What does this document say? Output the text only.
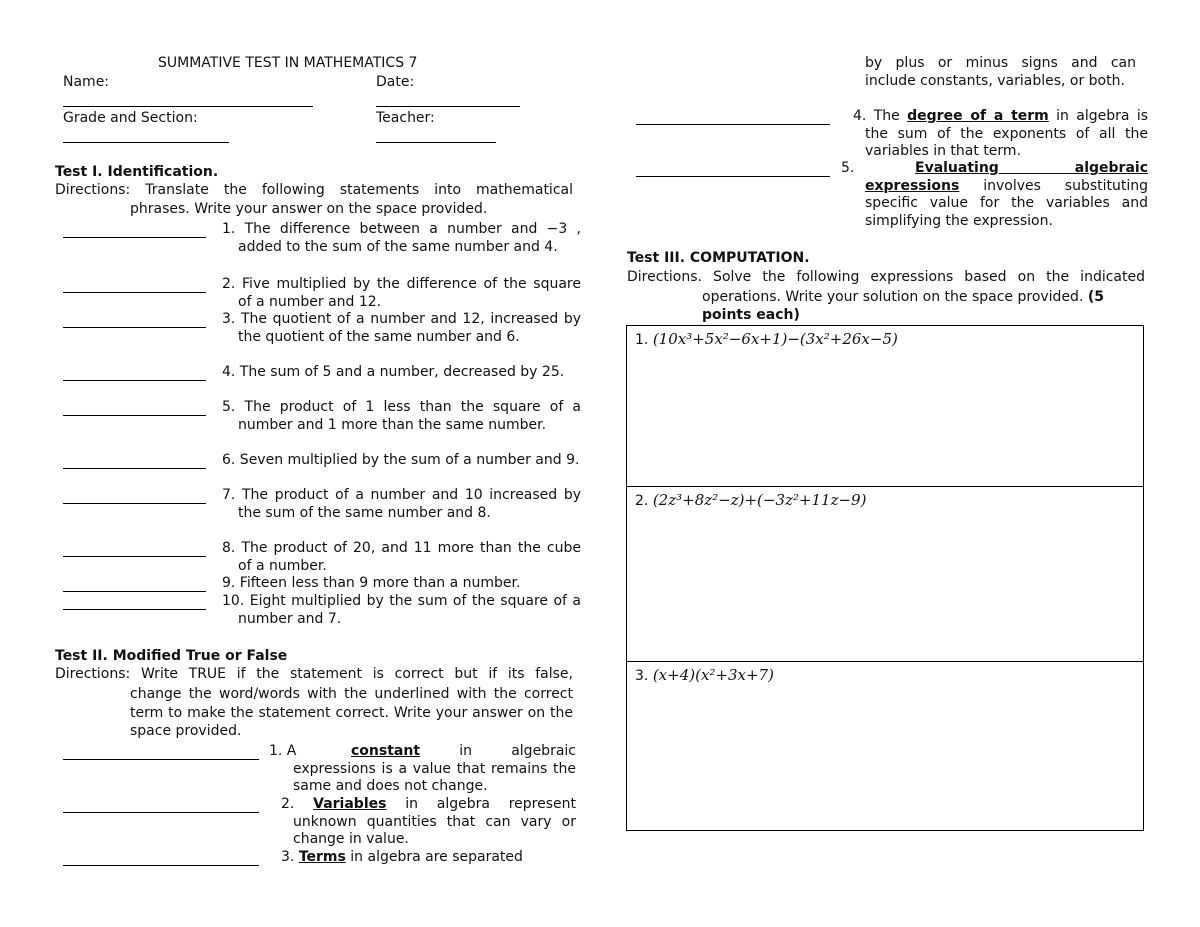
SUMMATIVE TEST IN MATHEMATICS 7
Name:	Date:
Grade and Section:	Teacher:
Test I. Identification.
Directions: Translate the following statements into mathematical
phrases. Write your answer on the space provided.
1. The difference between a number and −3 , added to the sum of the same number and 4.
2. Five multiplied by the difference of the square of a number and 12.
3. The quotient of a number and 12, increased by the quotient of the same number and 6.
4. The sum of 5 and a number, decreased by 25.
5. The product of 1 less than the square of a number and 1 more than the same number.
6. Seven multiplied by the sum of a number and 9.
7. The product of a number and 10 increased by the sum of the same number and 8.
8. The product of 20, and 11 more than the cube of a number.
9. Fifteen less than 9 more than a number.
10. Eight multiplied by the sum of the square of a number and 7.
Test II. Modified True or False
Directions: Write TRUE if the statement is correct but if its false,
change the word/words with the underlined with the correct term to make the statement correct. Write your answer on the space provided.
1. A	constant	in algebraic expressions is a value that remains the same and does not change.
2. Variables in algebra represent unknown quantities that can vary or change in value.
3. Terms in algebra are separated
by plus or minus signs and can include constants, variables, or both.
4. The degree of a term in algebra is the sum of the exponents of all the variables in that term.
5.	Evaluating algebraic expressions involves substituting specific value for the variables and simplifying the expression.
Test III. COMPUTATION.
Directions. Solve the following expressions based on the indicated
operations. Write your solution on the space provided. (5 points each)
1. (10x³+5x²−6x+1)−(3x²+26x−5)
2. (2z³+8z²−z)+(−3z²+11z−9)
3. (x+4)(x²+3x+7)
